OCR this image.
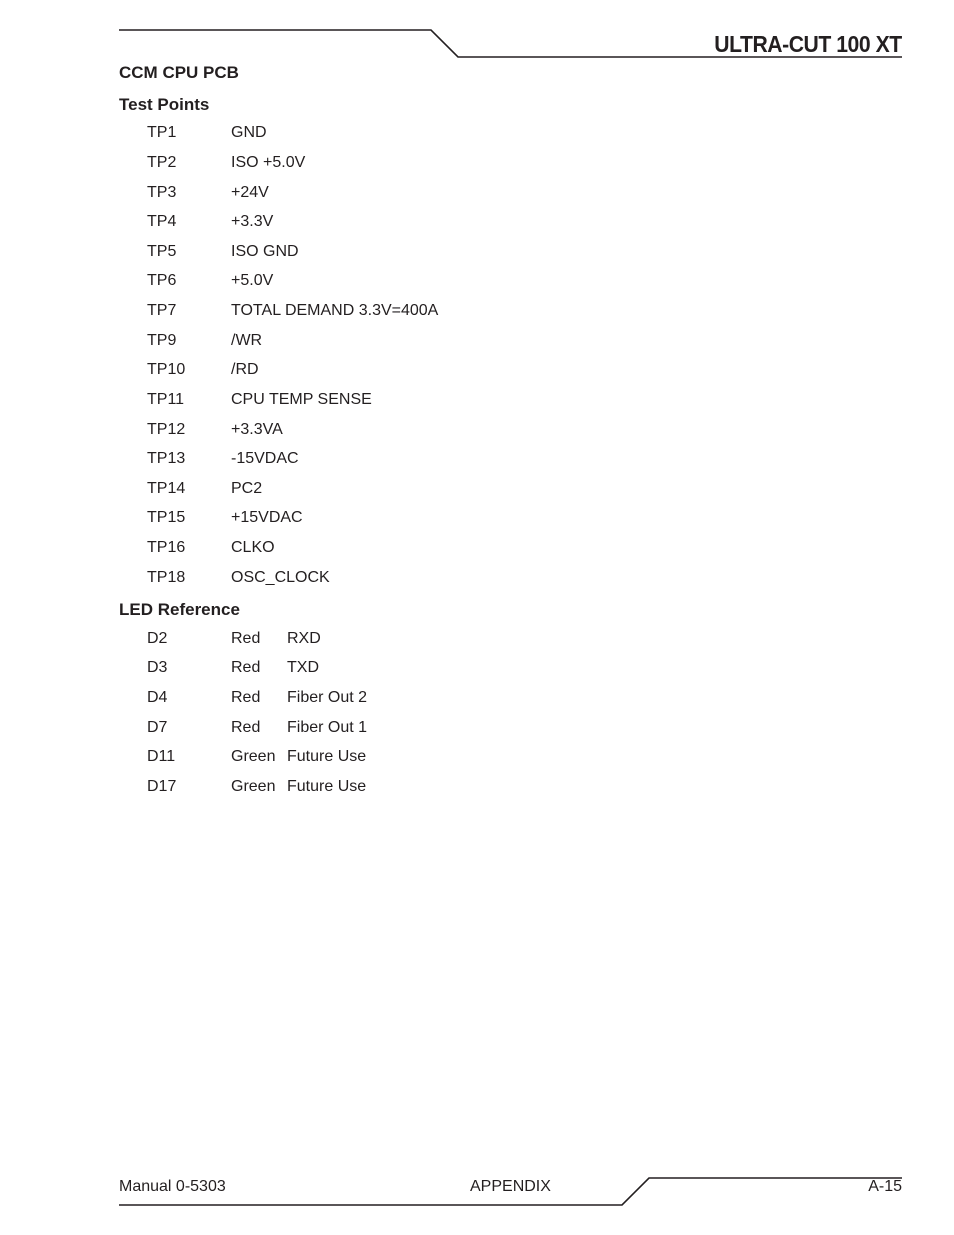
ULTRA-CUT 100 XT
CCM CPU PCB
Test Points
TP1	GND
TP2	ISO +5.0V
TP3	+24V
TP4	+3.3V
TP5	ISO GND
TP6	+5.0V
TP7	TOTAL DEMAND 3.3V=400A
TP9	/WR
TP10	/RD
TP11	CPU TEMP SENSE
TP12	+3.3VA
TP13	-15VDAC
TP14	PC2
TP15	+15VDAC
TP16	CLKO
TP18	OSC_CLOCK
LED Reference
D2	Red RXD
D3	Red TXD
D4	Red Fiber Out 2
D7	Red Fiber Out 1
D11	Green Future Use
D17	Green Future Use
Manual 0-5303	APPENDIX	A-15
